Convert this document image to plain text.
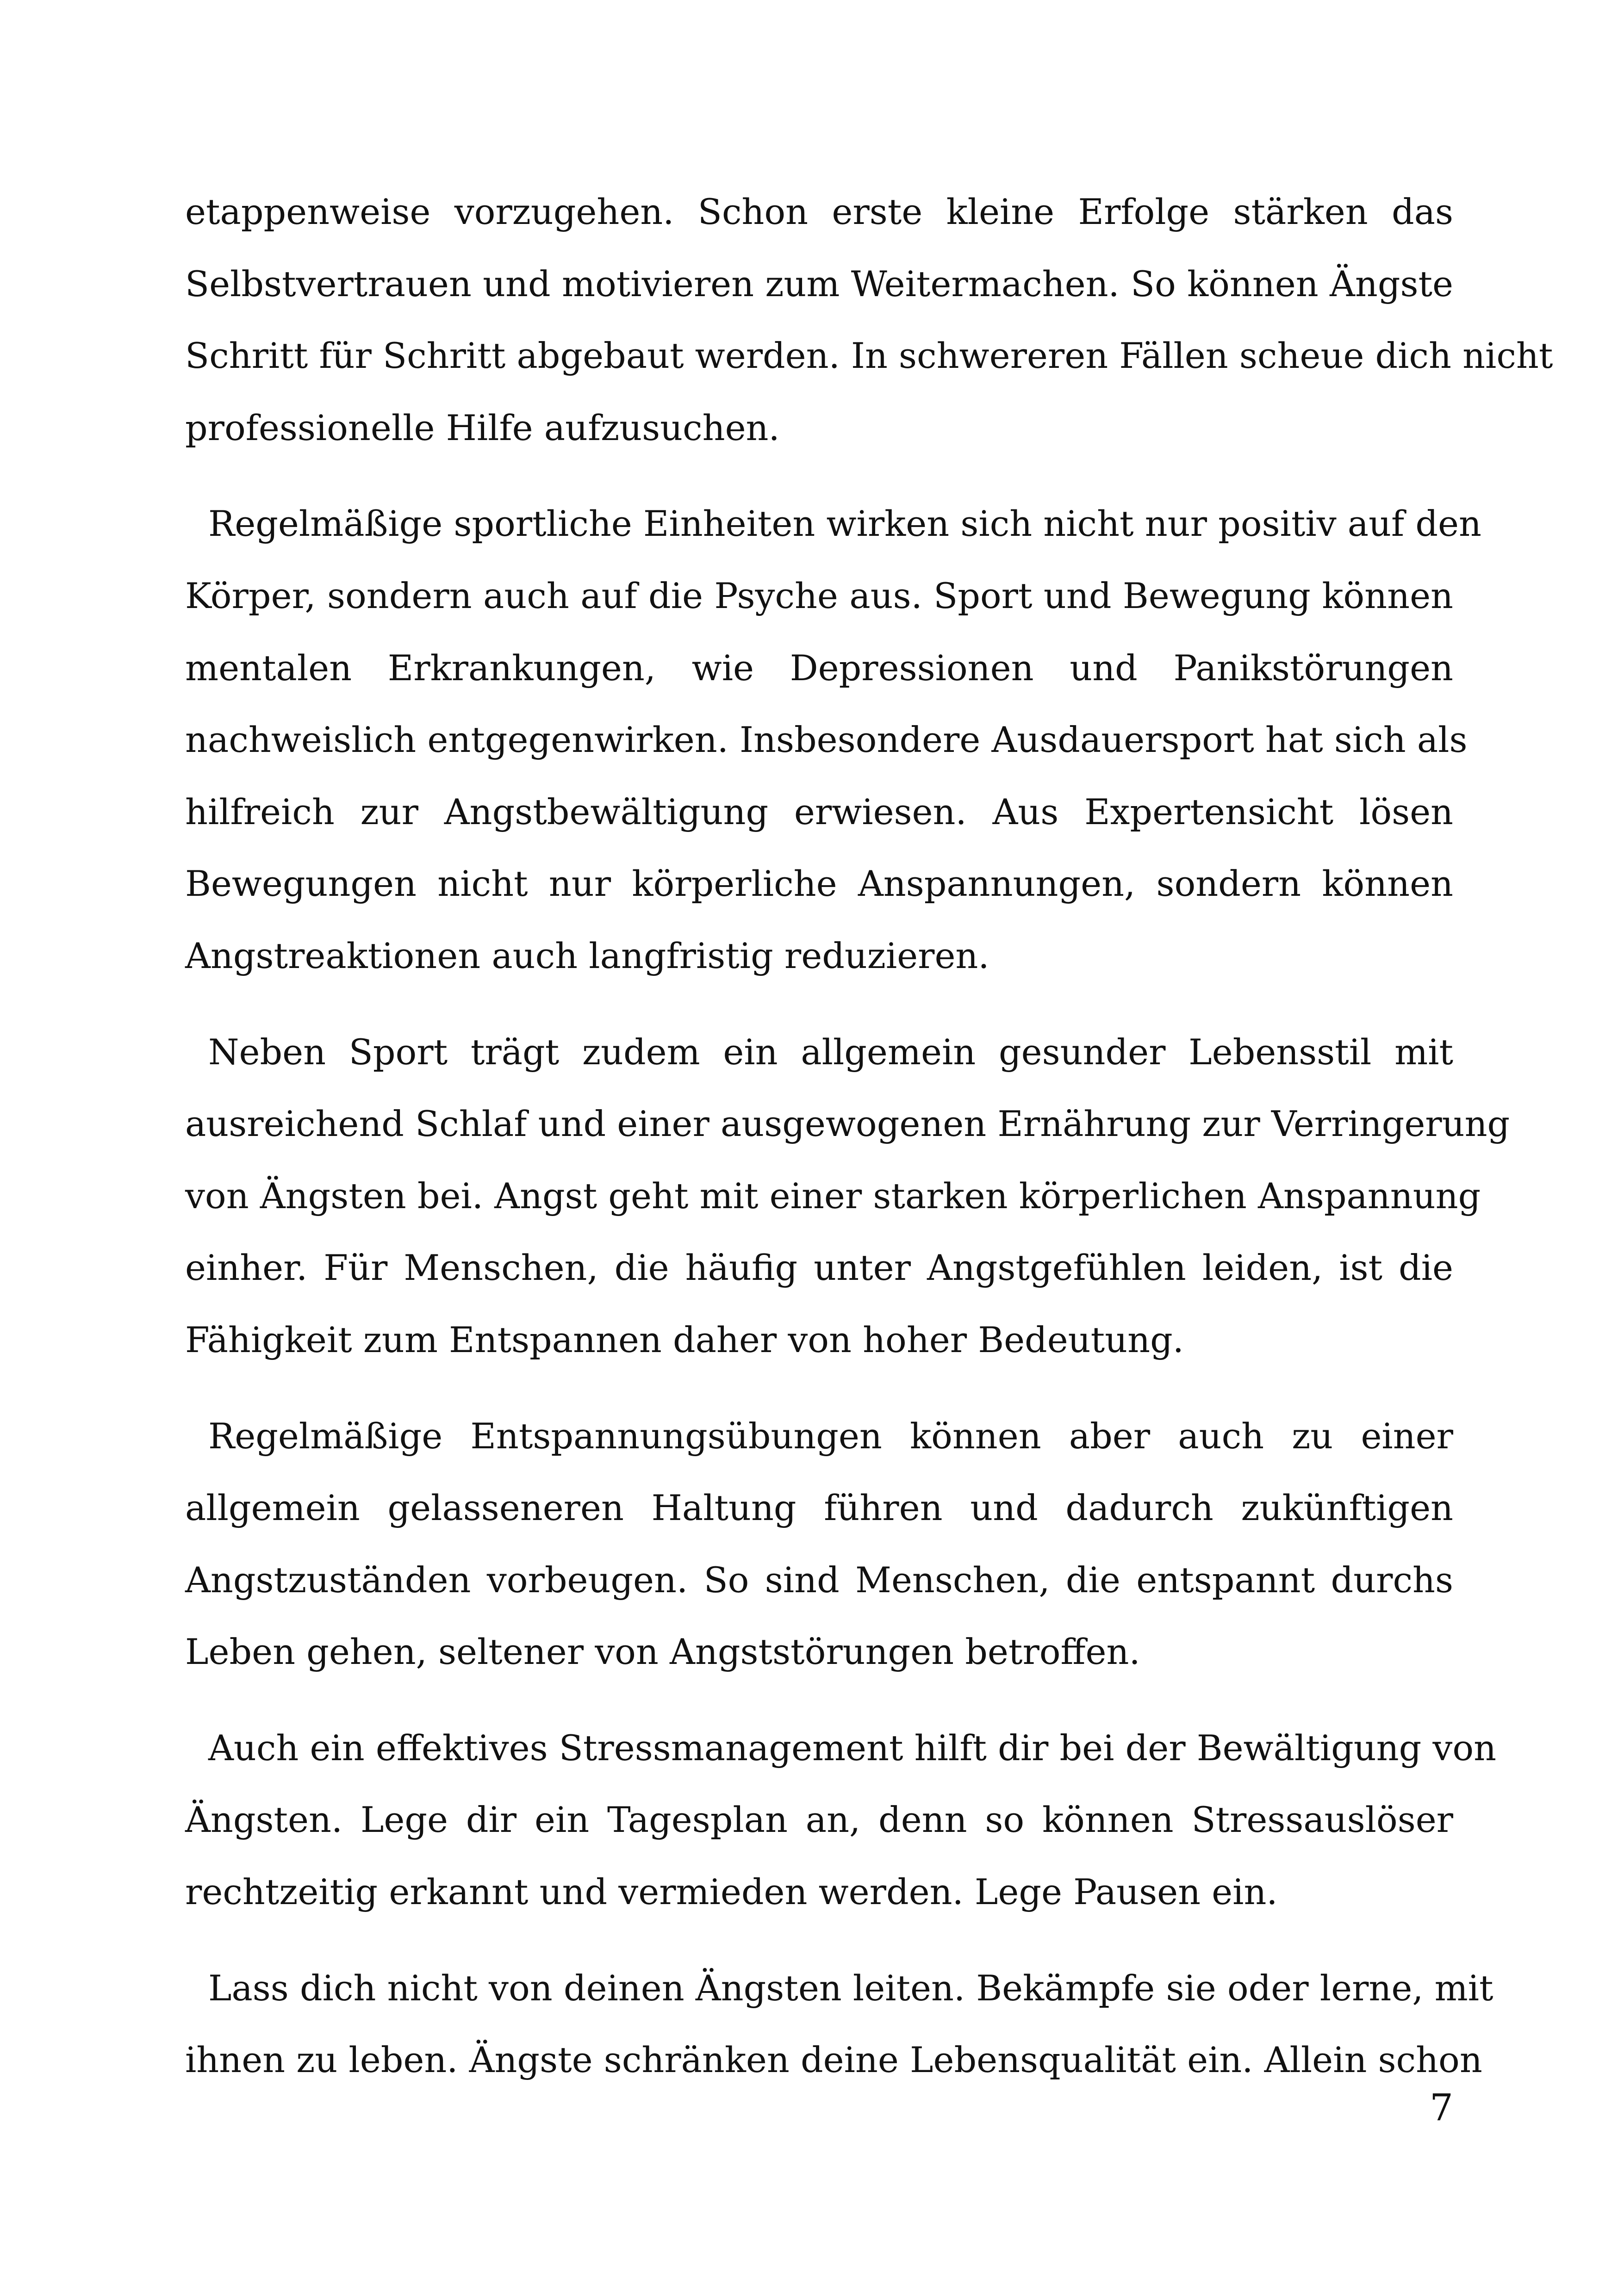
etappenweise vorzugehen. Schon erste kleine Erfolge stärken das
Selbstvertrauen und motivieren zum Weitermachen. So können Ängste
Schritt für Schritt abgebaut werden. In schwereren Fällen scheue dich nicht
professionelle Hilfe aufzusuchen.
Regelmäßige sportliche Einheiten wirken sich nicht nur positiv auf den
Körper, sondern auch auf die Psyche aus. Sport und Bewegung können
mentalen Erkrankungen, wie Depressionen und Panikstörungen
nachweislich entgegenwirken. Insbesondere Ausdauersport hat sich als
hilfreich zur Angstbewältigung erwiesen. Aus Expertensicht lösen
Bewegungen nicht nur körperliche Anspannungen, sondern können
Angstreaktionen auch langfristig reduzieren.
Neben Sport trägt zudem ein allgemein gesunder Lebensstil mit
ausreichend Schlaf und einer ausgewogenen Ernährung zur Verringerung
von Ängsten bei. Angst geht mit einer starken körperlichen Anspannung
einher. Für Menschen, die häufig unter Angstgefühlen leiden, ist die
Fähigkeit zum Entspannen daher von hoher Bedeutung.
Regelmäßige Entspannungsübungen können aber auch zu einer
allgemein gelasseneren Haltung führen und dadurch zukünftigen
Angstzuständen vorbeugen. So sind Menschen, die entspannt durchs
Leben gehen, seltener von Angststörungen betroffen.
Auch ein effektives Stressmanagement hilft dir bei der Bewältigung von
Ängsten. Lege dir ein Tagesplan an, denn so können Stressauslöser
rechtzeitig erkannt und vermieden werden. Lege Pausen ein.
Lass dich nicht von deinen Ängsten leiten. Bekämpfe sie oder lerne, mit
ihnen zu leben. Ängste schränken deine Lebensqualität ein. Allein schon
7
